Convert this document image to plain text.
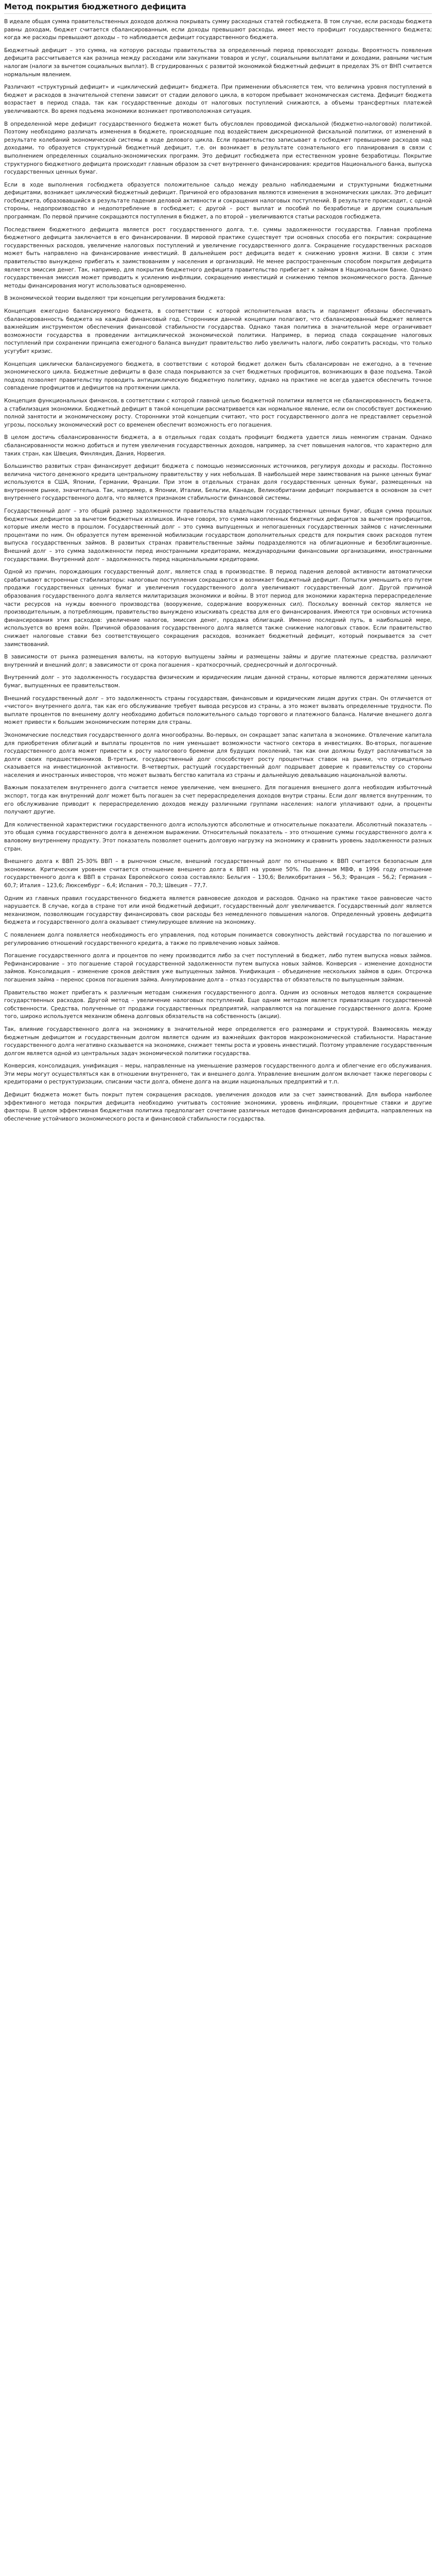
Метод покрытия бюджетного дефицита

В идеале общая сумма правительственных доходов должна покрывать сумму расходных статей госбюджета. В том случае, если расходы бюджета равны доходам, бюджет считается сбалансированным, если доходы превышают расходы, имеет место профицит государственного бюджета; когда же расходы превышают доходы – то наблюдается дефицит государственного бюджета.

Бюджетный дефицит – это сумма, на которую расходы правительства за определенный период превосходят доходы. Вероятность появления дефицита рассчитывается как разница между расходами или закупками товаров и услуг, социальными выплатами и доходами, равными чистым налогам (налоги за вычетом социальных выплат). В сгрудированных с развитой экономикой бюджетный дефицит в пределах 3% от ВНП считается нормальным явлением.

Различают «структурный дефицит» и «циклический дефицит» бюджета. При применении объясняется тем, что величина уровня поступлений в бюджет и расходов в значительной степени зависит от стадии делового цикла, в котором пребывает экономическая система. Дефицит бюджета возрастает в период спада, так как государственные доходы от налоговых поступлений снижаются, а объемы трансфертных платежей увеличиваются. Во время подъема экономики возникает противоположная ситуация.

В определенной мере дефицит государственного бюджета может быть обусловлен проводимой фискальной (бюджетно-налоговой) политикой. Поэтому необходимо различать изменения в бюджете, происходящие под воздействием дискреционной фискальной политики, от изменений в результате колебаний экономической системы в ходе делового цикла. Если правительство записывает в госбюджет превышение расходов над доходами, то образуется структурный бюджетный дефицит, т.е. он возникает в результате сознательного его планирования в связи с выполнением определенных социально-экономических программ. Это дефицит госбюджета при естественном уровне безработицы. Покрытие структурного бюджетного дефицита происходит главным образом за счет внутреннего финансирования: кредитов Национального банка, выпуска государственных ценных бумаг.

Если в ходе выполнения госбюджета образуется положительное сальдо между реально наблюдаемыми и структурными бюджетными дефицитами, возникает циклический бюджетный дефицит. Причиной его образования являются изменения в экономических циклах. Это дефицит госбюджета, образовавшийся в результате падения деловой активности и сокращения налоговых поступлений. В результате происходит, с одной стороны, недопроизводство и недопотребление в госбюджет; с другой – рост выплат и пособий по безработице и другим социальным программам. По первой причине сокращаются поступления в бюджет, а по второй – увеличиваются статьи расходов госбюджета.

Последствием бюджетного дефицита является рост государственного долга, т.е. суммы задолженности государства. Главная проблема бюджетного дефицита заключается в его финансировании. В мировой практике существует три основных способа его покрытия: сокращение государственных расходов, увеличение налоговых поступлений и увеличение государственного долга. Сокращение государственных расходов может быть направлено на финансирование инвестиций. В дальнейшем рост дефицита ведет к снижению уровня жизни. В связи с этим правительство вынуждено прибегать к заимствованиям у населения и организаций. Не менее распространенным способом покрытия дефицита является эмиссия денег. Так, например, для покрытия бюджетного дефицита правительство прибегает к займам в Национальном банке. Однако государственная эмиссия может приводить к усилению инфляции, сокращению инвестиций и снижению темпов экономического роста. Данные методы финансирования могут использоваться одновременно.

В экономической теории выделяют три концепции регулирования бюджета:

Концепция ежегодно балансируемого бюджета, в соответствии с которой исполнительная власть и парламент обязаны обеспечивать сбалансированность бюджета на каждый финансовый год. Сторонники данной концепции полагают, что сбалансированный бюджет является важнейшим инструментом обеспечения финансовой стабильности государства. Однако такая политика в значительной мере ограничивает возможности государства в проведении антициклической экономической политики. Например, в период спада сокращение налоговых поступлений при сохранении принципа ежегодного баланса вынудит правительство либо увеличить налоги, либо сократить расходы, что только усугубит кризис.

Концепция циклически балансируемого бюджета, в соответствии с которой бюджет должен быть сбалансирован не ежегодно, а в течение экономического цикла. Бюджетные дефициты в фазе спада покрываются за счет бюджетных профицитов, возникающих в фазе подъема. Такой подход позволяет правительству проводить антициклическую бюджетную политику, однако на практике не всегда удается обеспечить точное совпадение профицитов и дефицитов на протяжении цикла.

Концепция функциональных финансов, в соответствии с которой главной целью бюджетной политики является не сбалансированность бюджета, а стабилизация экономики. Бюджетный дефицит в такой концепции рассматривается как нормальное явление, если он способствует достижению полной занятости и экономическому росту. Сторонники этой концепции считают, что рост государственного долга не представляет серьезной угрозы, поскольку экономический рост со временем обеспечит возможность его погашения.

В целом достичь сбалансированности бюджета, а в отдельных годах создать профицит бюджета удается лишь немногим странам. Однако сбалансированности можно добиться и путем увеличения государственных доходов, например, за счет повышения налогов, что характерно для таких стран, как Швеция, Финляндия, Дания, Норвегия.

Большинство развитых стран финансирует дефицит бюджета с помощью неэмиссионных источников, регулируя доходы и расходы. Постоянно величина чистого денежного кредита центральному правительству у них небольшая. В наибольшей мере заимствования на рынке ценных бумаг используются в США, Японии, Германии, Франции. При этом в отдельных странах доля государственных ценных бумаг, размещенных на внутреннем рынке, значительна. Так, например, в Японии, Италии, Бельгии, Канаде, Великобритании дефицит покрывается в основном за счет внутреннего государственного долга, что является признаком стабильности финансовой системы.

Государственный долг – это общий размер задолженности правительства владельцам государственных ценных бумаг, общая сумма прошлых бюджетных дефицитов за вычетом бюджетных излишков. Иначе говоря, это сумма накопленных бюджетных дефицитов за вычетом профицитов, которые имели место в прошлом. Государственный долг – это сумма выпущенных и непогашенных государственных займов с начисленными процентами по ним. Он образуется путем временной мобилизации государством дополнительных средств для покрытия своих расходов путем выпуска государственных займов. В развитых странах правительственные займы подразделяются на облигационные и безоблигационные. Внешний долг – это сумма задолженности перед иностранными кредиторами, международными финансовыми организациями, иностранными государствами. Внутренний долг – задолженность перед национальными кредиторами.

Одной из причин, порождающих государственный долг, является спад в производстве. В период падения деловой активности автоматически срабатывают встроенные стабилизаторы: налоговые поступления сокращаются и возникает бюджетный дефицит. Попытки уменьшить его путем продажи государственных ценных бумаг и увеличения государственного долга увеличивают государственный долг. Другой причиной образования государственного долга является милитаризация экономики и войны. В этот период для экономики характерна перераспределение части ресурсов на нужды военного производства (вооружение, содержание вооруженных сил). Поскольку военный сектор является не производительным, а потребляющим, правительство вынуждено изыскивать средства для его финансирования. Имеются три основных источника финансирования этих расходов: увеличение налогов, эмиссия денег, продажа облигаций. Именно последний путь, в наибольшей мере, используется во время войн. Причиной образования государственного долга является также снижение налоговых ставок. Если правительство снижает налоговые ставки без соответствующего сокращения расходов, возникает бюджетный дефицит, который покрывается за счет заимствований.

В зависимости от рынка размещения валюты, на которую выпущены займы и размещены займы и другие платежные средства, различают внутренний и внешний долг; в зависимости от срока погашения – краткосрочный, среднесрочный и долгосрочный.

Внутренний долг – это задолженность государства физическим и юридическим лицам данной страны, которые являются держателями ценных бумаг, выпущенных ее правительством.

Внешний государственный долг – это задолженность страны государствам, финансовым и юридическим лицам других стран. Он отличается от «чистого» внутреннего долга, так как его обслуживание требует вывода ресурсов из страны, а это может вызвать определенные трудности. По выплате процентов по внешнему долгу необходимо добиться положительного сальдо торгового и платежного баланса. Наличие внешнего долга может привести к большим экономическим потерям для страны.

Экономические последствия государственного долга многообразны. Во-первых, он сокращает запас капитала в экономике. Отвлечение капитала для приобретения облигаций и выплаты процентов по ним уменьшает возможности частного сектора в инвестициях. Во-вторых, погашение государственного долга может привести к росту налогового бремени для будущих поколений, так как они должны будут расплачиваться за долги своих предшественников. В-третьих, государственный долг способствует росту процентных ставок на рынке, что отрицательно сказывается на инвестиционной активности. В-четвертых, растущий государственный долг подрывает доверие к правительству со стороны населения и иностранных инвесторов, что может вызвать бегство капитала из страны и дальнейшую девальвацию национальной валюты.

Важным показателем внутреннего долга считается немое увеличение, чем внешнего. Для погашения внешнего долга необходим избыточный экспорт, тогда как внутренний долг может быть погашен за счет перераспределения доходов внутри страны. Если долг является внутренним, то его обслуживание приводит к перераспределению доходов между различными группами населения: налоги уплачивают одни, а проценты получают другие.

Для количественной характеристики государственного долга используются абсолютные и относительные показатели. Абсолютный показатель – это общая сумма государственного долга в денежном выражении. Относительный показатель – это отношение суммы государственного долга к валовому внутреннему продукту. Этот показатель позволяет оценить долговую нагрузку на экономику и сравнить уровень задолженности разных стран.

Внешнего долга к ВВП 25-30% ВВП – в рыночном смысле, внешний государственный долг по отношению к ВВП считается безопасным для экономики. Критическим уровнем считается отношение внешнего долга к ВВП на уровне 50%. По данным МВФ, в 1996 году отношение государственного долга к ВВП в странах Европейского союза составляло: Бельгия – 130,6; Великобритания – 56,3; Франция – 56,2; Германия – 60,7; Италия – 123,6; Люксембург – 6,4; Испания – 70,3; Швеция – 77,7.

Одним из главных правил государственного бюджета является равновесие доходов и расходов. Однако на практике такое равновесие часто нарушается. В случае, когда в стране тот или иной бюджетный дефицит, государственный долг увеличивается. Государственный долг является механизмом, позволяющим государству финансировать свои расходы без немедленного повышения налогов. Определенный уровень дефицита бюджета и государственного долга оказывает стимулирующее влияние на экономику.

С появлением долга появляется необходимость его управления, под которым понимается совокупность действий государства по погашению и регулированию отношений государственного кредита, а также по привлечению новых займов.

Погашение государственного долга и процентов по нему производится либо за счет поступлений в бюджет, либо путем выпуска новых займов. Рефинансирование – это погашение старой государственной задолженности путем выпуска новых займов. Конверсия – изменение доходности займов. Консолидация – изменение сроков действия уже выпущенных займов. Унификация – объединение нескольких займов в один. Отсрочка погашения займа – перенос сроков погашения займа. Аннулирование долга – отказ государства от обязательств по выпущенным займам.

Правительство может прибегать к различным методам снижения государственного долга. Одним из основных методов является сокращение государственных расходов. Другой метод – увеличение налоговых поступлений. Еще одним методом является приватизация государственной собственности. Средства, полученные от продажи государственных предприятий, направляются на погашение государственного долга. Кроме того, широко используется механизм обмена долговых обязательств на собственность (акции).

Так, влияние государственного долга на экономику в значительной мере определяется его размерами и структурой. Взаимосвязь между бюджетным дефицитом и государственным долгом является одним из важнейших факторов макроэкономической стабильности. Нарастание государственного долга негативно сказывается на экономике, снижает темпы роста и уровень инвестиций. Поэтому управление государственным долгом является одной из центральных задач экономической политики государства.

Конверсия, консолидация, унификация – меры, направленные на уменьшение размеров государственного долга и облегчение его обслуживания. Эти меры могут осуществляться как в отношении внутреннего, так и внешнего долга. Управление внешним долгом включает также переговоры с кредиторами о реструктуризации, списании части долга, обмене долга на акции национальных предприятий и т.п.

Дефицит бюджета может быть покрыт путем сокращения расходов, увеличения доходов или за счет заимствований. Для выбора наиболее эффективного метода покрытия дефицита необходимо учитывать состояние экономики, уровень инфляции, процентные ставки и другие факторы. В целом эффективная бюджетная политика предполагает сочетание различных методов финансирования дефицита, направленных на обеспечение устойчивого экономического роста и финансовой стабильности государства.
